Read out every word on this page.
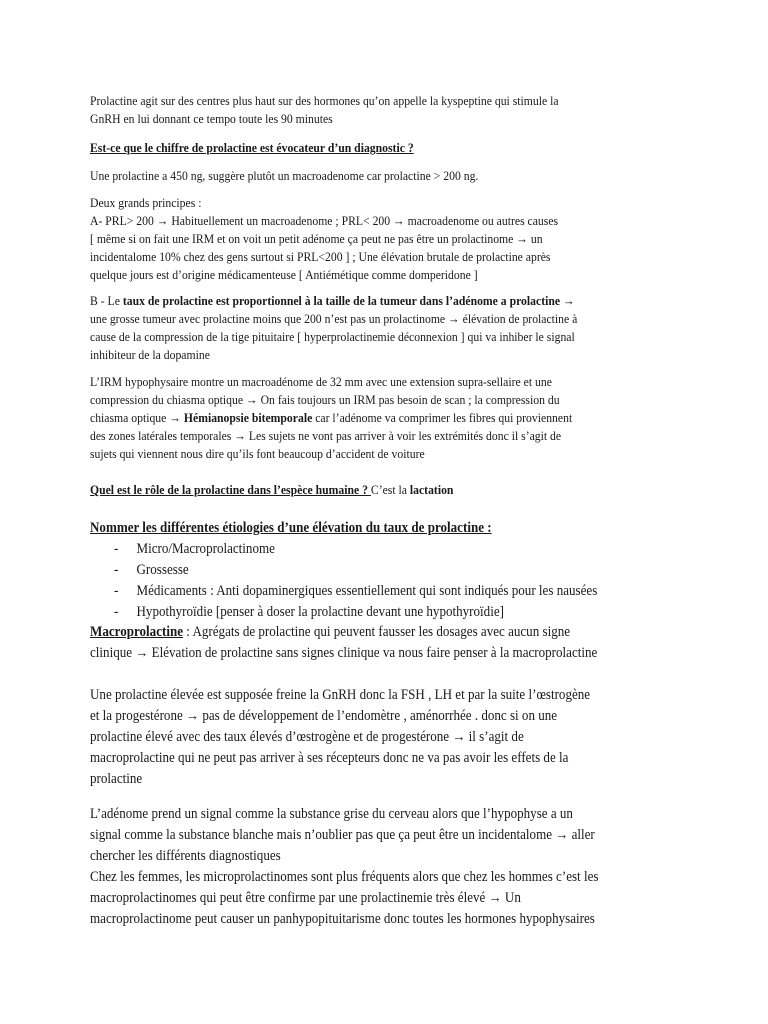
Prolactine agit sur des centres plus haut sur des hormones qu’on appelle la kyspeptine qui stimule la
GnRH en lui donnant ce tempo toute les 90 minutes

Est-ce que le chiffre de prolactine est évocateur d’un diagnostic ?

Une prolactine a 450 ng, suggère plutôt un macroadenome car prolactine > 200 ng.

Deux grands principes :
A- PRL> 200 → Habituellement un macroadenome ; PRL< 200 → macroadenome ou autres causes
[ même si on fait une IRM et on voit un petit adénome ça peut ne pas être un prolactinome → un
incidentalome 10% chez des gens surtout si PRL<200 ] ; Une élévation brutale de prolactine après
quelque jours est d’origine médicamenteuse [ Antiémétique comme domperidone ]

B - Le taux de prolactine est proportionnel à la taille de la tumeur dans l’adénome a prolactine →
une grosse tumeur avec prolactine moins que 200 n’est pas un prolactinome → élévation de prolactine à
cause de la compression de la tige pituitaire [ hyperprolactinemie déconnexion ] qui va inhiber le signal
inhibiteur de la dopamine

L’IRM hypophysaire montre un macroadénome de 32 mm avec une extension supra-sellaire et une
compression du chiasma optique → On fais toujours un IRM pas besoin de scan ; la compression du
chiasma optique → Hémianopsie bitemporale car l’adénome va comprimer les fibres qui proviennent
des zones latérales temporales → Les sujets ne vont pas arriver à voir les extrémités donc il s’agit de
sujets qui viennent nous dire qu’ils font beaucoup d’accident de voiture

Quel est le rôle de la prolactine dans l’espèce humaine ? C’est la lactation

Nommer les différentes étiologies d’une élévation du taux de prolactine :

- Micro/Macroprolactinome
- Grossesse
- Médicaments : Anti dopaminergiques essentiellement qui sont indiqués pour les nausées
- Hypothyroïdie [penser à doser la prolactine devant une hypothyroïdie]

Macroprolactine : Agrégats de prolactine qui peuvent fausser les dosages avec aucun signe
clinique → Elévation de prolactine sans signes clinique va nous faire penser à la macroprolactine

Une prolactine élevée est supposée freine la GnRH donc la FSH , LH et par la suite l’œstrogène
et la progestérone → pas de développement de l’endomètre , aménorrhée . donc si on une
prolactine élevé avec des taux élevés d’œstrogène et de progestérone → il s’agit de
macroprolactine qui ne peut pas arriver à ses récepteurs donc ne va pas avoir les effets de la
prolactine

L’adénome prend un signal comme la substance grise du cerveau alors que l’hypophyse a un
signal comme la substance blanche mais n’oublier pas que ça peut être un incidentalome → aller
chercher les différents diagnostiques
Chez les femmes, les microprolactinomes sont plus fréquents alors que chez les hommes c’est les
macroprolactinomes qui peut être confirme par une prolactinemie très élevé → Un
macroprolactinome peut causer un panhypopituitarisme donc toutes les hormones hypophysaires
